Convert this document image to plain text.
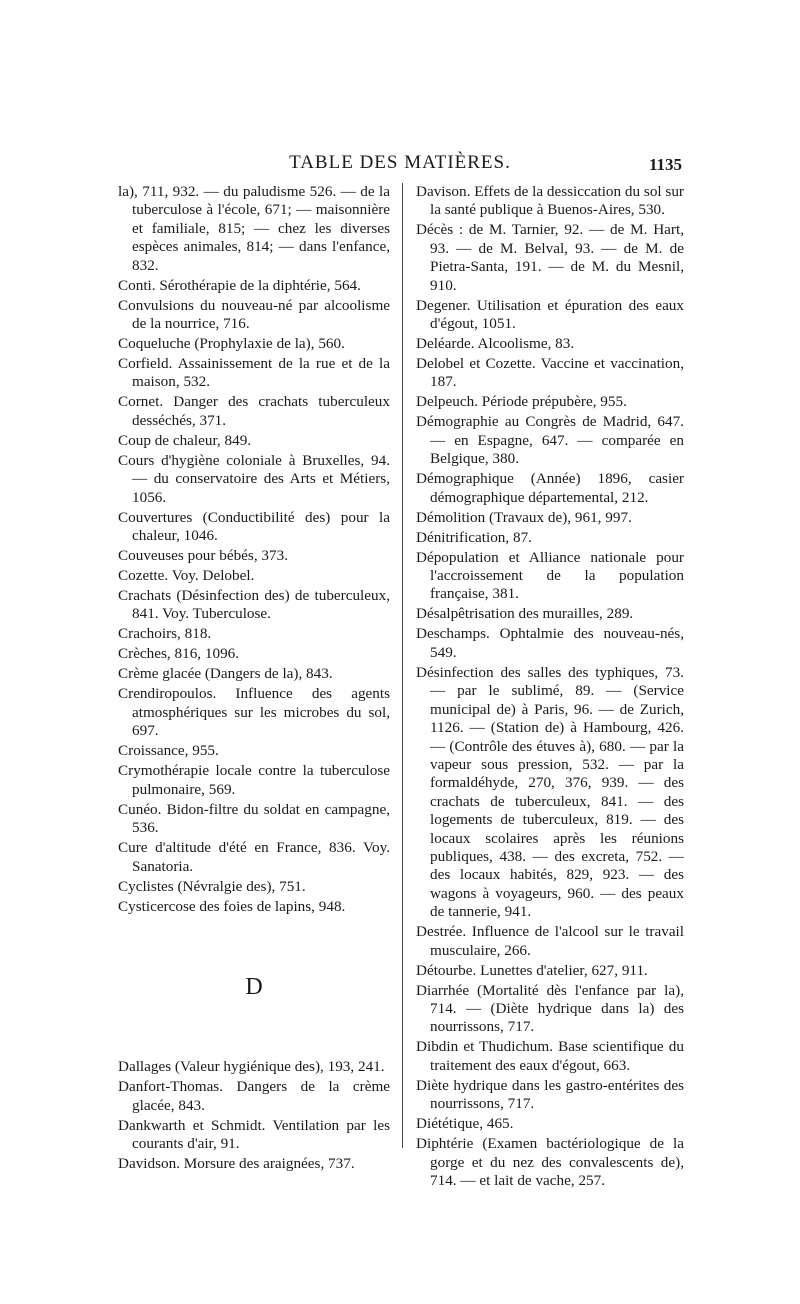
TABLE DES MATIÈRES.	1135

la), 711, 932. — du paludisme 526. — de la tuberculose à l'école, 671; — maisonnière et familiale, 815; — chez les diverses espèces animales, 814; — dans l'enfance, 832.

Conti. Sérothérapie de la diphtérie, 564.

Convulsions du nouveau-né par alcoolisme de la nourrice, 716.

Coqueluche (Prophylaxie de la), 560.

Corfield. Assainissement de la rue et de la maison, 532.

Cornet. Danger des crachats tuberculeux desséchés, 371.

Coup de chaleur, 849.

Cours d'hygiène coloniale à Bruxelles, 94. — du conservatoire des Arts et Métiers, 1056.

Couvertures (Conductibilité des) pour la chaleur, 1046.

Couveuses pour bébés, 373.

Cozette. Voy. Delobel.

Crachats (Désinfection des) de tuberculeux, 841. Voy. Tuberculose.

Crachoirs, 818.

Crèches, 816, 1096.

Crème glacée (Dangers de la), 843.

Crendiropoulos. Influence des agents atmosphériques sur les microbes du sol, 697.

Croissance, 955.

Crymothérapie locale contre la tuberculose pulmonaire, 569.

Cunéo. Bidon-filtre du soldat en campagne, 536.

Cure d'altitude d'été en France, 836. Voy. Sanatoria.

Cyclistes (Névralgie des), 751.

Cysticercose des foies de lapins, 948.

D

Dallages (Valeur hygiénique des), 193, 241.

Danfort-Thomas. Dangers de la crème glacée, 843.

Dankwarth et Schmidt. Ventilation par les courants d'air, 91.

Davidson. Morsure des araignées, 737.

Davison. Effets de la dessiccation du sol sur la santé publique à Buenos-Aires, 530.

Décès : de M. Tarnier, 92. — de M. Hart, 93. — de M. Belval, 93. — de M. de Pietra-Santa, 191. — de M. du Mesnil, 910.

Degener. Utilisation et épuration des eaux d'égout, 1051.

Deléarde. Alcoolisme, 83.

Delobel et Cozette. Vaccine et vaccination, 187.

Delpeuch. Période prépubère, 955.

Démographie au Congrès de Madrid, 647. — en Espagne, 647. — comparée en Belgique, 380.

Démographique (Année) 1896, casier démographique départemental, 212.

Démolition (Travaux de), 961, 997.

Dénitrification, 87.

Dépopulation et Alliance nationale pour l'accroissement de la population française, 381.

Désalpêtrisation des murailles, 289.

Deschamps. Ophtalmie des nouveau-nés, 549.

Désinfection des salles des typhiques, 73. — par le sublimé, 89. — (Service municipal de) à Paris, 96. — de Zurich, 1126. — (Station de) à Hambourg, 426. — (Contrôle des étuves à), 680. — par la vapeur sous pression, 532. — par la formaldéhyde, 270, 376, 939. — des crachats de tuberculeux, 841. — des logements de tuberculeux, 819. — des locaux scolaires après les réunions publiques, 438. — des excreta, 752. — des locaux habités, 829, 923. — des wagons à voyageurs, 960. — des peaux de tannerie, 941.

Destrée. Influence de l'alcool sur le travail musculaire, 266.

Détourbe. Lunettes d'atelier, 627, 911.

Diarrhée (Mortalité dès l'enfance par la), 714. — (Diète hydrique dans la) des nourrissons, 717.

Dibdin et Thudichum. Base scientifique du traitement des eaux d'égout, 663.

Diète hydrique dans les gastro-entérites des nourrissons, 717.

Diététique, 465.

Diphtérie (Examen bactériologique de la gorge et du nez des convalescents de), 714. — et lait de vache, 257.
